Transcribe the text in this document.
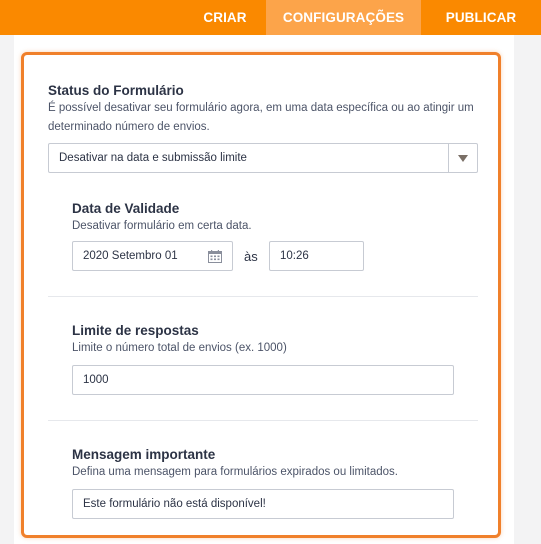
CRIAR	CONFIGURAÇÕES	PUBLICAR
Status do Formulário
É possível desativar seu formulário agora, em uma data específica ou ao atingir um
determinado número de envios.
Desativar na data e submissão limite
Data de Validade
Desativar formulário em certa data.
2020 Setembro 01	às	10:26
Limite de respostas
Limite o número total de envios (ex. 1000)
1000
Mensagem importante
Defina uma mensagem para formulários expirados ou limitados.
Este formulário não está disponível!
